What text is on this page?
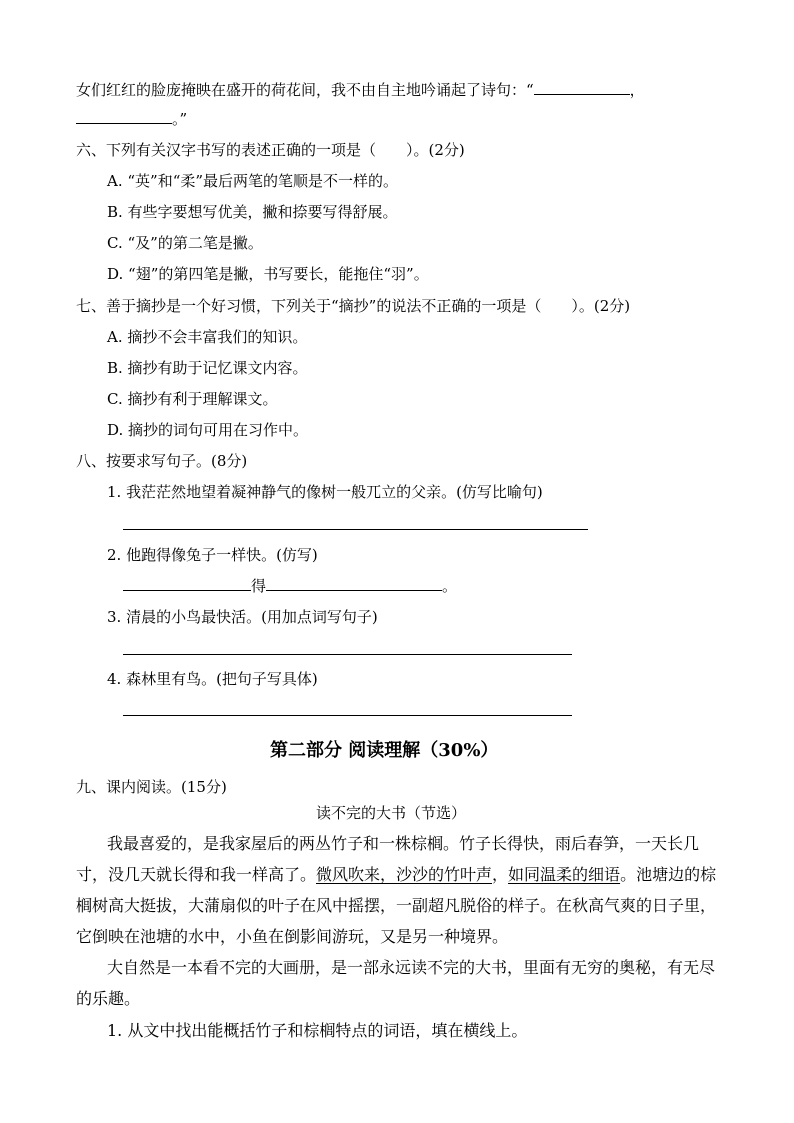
女们红红的脸庞掩映在盛开的荷花间，我不由自主地吟诵起了诗句：“	，
。”
六、下列有关汉字书写的表述正确的一项是（　　）。(2分)
A. “英”和“柔”最后两笔的笔顺是不一样的。
B. 有些字要想写优美，撇和捺要写得舒展。
C. “及”的第二笔是撇。
D. “翅”的第四笔是撇，书写要长，能拖住“羽”。
七、善于摘抄是一个好习惯，下列关于“摘抄”的说法不正确的一项是（　　）。(2分)
A. 摘抄不会丰富我们的知识。
B. 摘抄有助于记忆课文内容。
C. 摘抄有利于理解课文。
D. 摘抄的词句可用在习作中。
八、按要求写句子。(8分)
1. 我茫茫然地望着凝神静气的像树一般兀立的父亲。(仿写比喻句)
2. 他跑得像兔子一样快。(仿写)
得	。
3. 清晨的小鸟最快活。(用加点词写句子)
4. 森林里有鸟。(把句子写具体)
第二部分 阅读理解（30%）
九、课内阅读。(15分)
读不完的大书（节选）
我最喜爱的，是我家屋后的两丛竹子和一株棕榈。竹子长得快，雨后春笋，一天长几
寸，没几天就长得和我一样高了。微风吹来，沙沙的竹叶声，如同温柔的细语。池塘边的棕
榈树高大挺拔，大蒲扇似的叶子在风中摇摆，一副超凡脱俗的样子。在秋高气爽的日子里，
它倒映在池塘的水中，小鱼在倒影间游玩，又是另一种境界。
大自然是一本看不完的大画册，是一部永远读不完的大书，里面有无穷的奥秘，有无尽
的乐趣。
1. 从文中找出能概括竹子和棕榈特点的词语，填在横线上。
